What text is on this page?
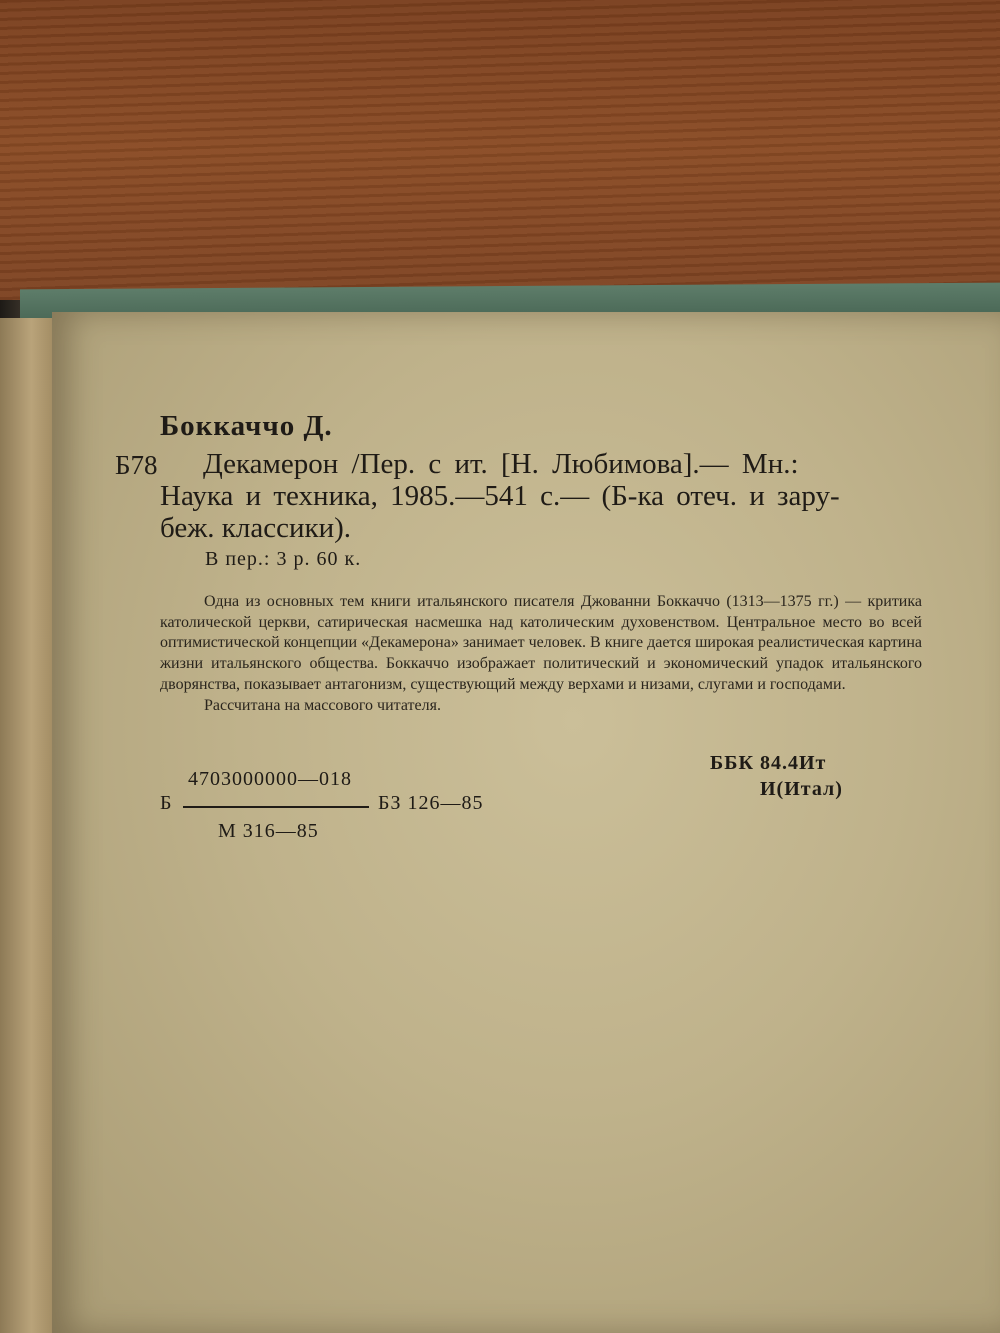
Боккаччо Д.
Б78 Декамерон /Пер. с ит. [Н. Любимова].— Мн.:
Наука и техника, 1985.—541 с.— (Б-ка отеч. и зару-
беж. классики).
В пер.: 3 р. 60 к.

Одна из основных тем книги итальянского писателя Джованни Боккаччо (1313—1375 гг.) — критика католической церкви, сатирическая насмешка над католическим духовенством. Центральное место во всей оптимистической концепции «Декамерона» занимает человек. В книге дается широкая реалистическая картина жизни итальянского общества. Боккаччо изображает политический и экономический упадок итальянского дворянства, показывает антагонизм, существующий между верхами и низами, слугами и господами.

Рассчитана на массового читателя.

4703000000—018
Б	БЗ 126—85
М 316—85
ББК 84.4Ит
И(Итал)
